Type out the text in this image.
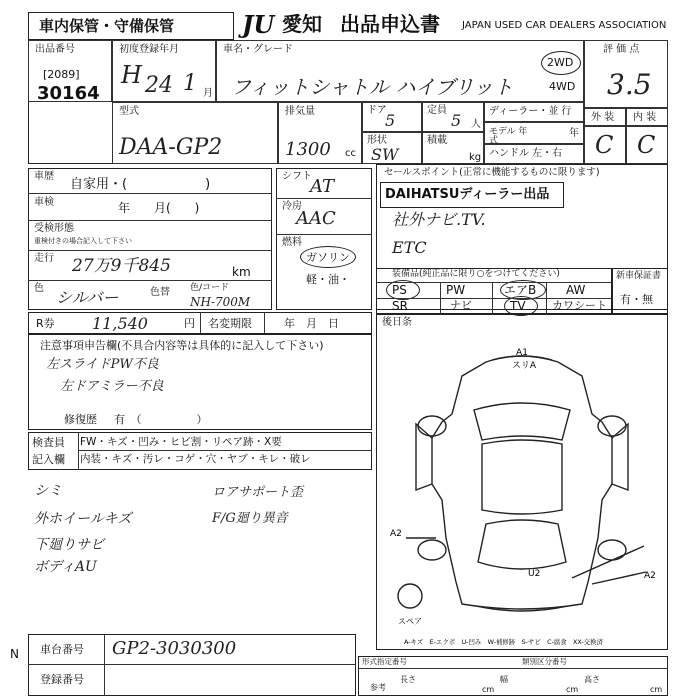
車内保管・守備保管	JU 愛知 出品申込書 JAPAN USED CAR DEALERS ASSOCIATION
出品番号
[2089]
30164
初度登録年月
H 24 1 月
車名・グレード
フィットシャトル ハイブリット
2WD
4WD
評 価 点
3.5
外 装 内 装
C C
型式
DAA-GP2
排気量
1300 cc
ドア
5
定員
5 人
形状
SW
積載
kg
ディーラー・並 行
モデル 年 式
年
ハンドル 左・右
車歴
自家用・(　　　　　　)
車検	年　　月(　　)
受検形態
重検付きの場合記入して下さい
走行 27万9千845	km
色 シルバー	色替 色/コード
NH-700M
シフト
AT
冷房
AAC
燃料
ガソリン
軽・油・
セールスポイント(正常に機能するものに限ります)
DAIHATSUディーラー出品
社外ナビ.TV.
ETC
装備品(純正品に限り○をつけてください)
PS	PW	エアB AW
SR	ナビ	TV カワシート
新車保証書
有・無
R券 11,540	円 名変期限	年　月　日
注意事項申告欄(不具合内容等は具体的に記入して下さい)
左スライドPW不良
左ドアミラー不良
修復歴 有　（　　　　　）
検査員
記入欄
FW・キズ・凹み・ヒビ割・リペア跡・X要
内装・キズ・汚レ・コゲ・穴・ヤブ・キレ・破レ
シミ
外ホイールキズ
下廻りサビ
ボディAU
ロアサポート歪
F/G廻り異音
後日条
A1
スリA
A2
A2
U2
スペア
A-キズ　E-エクボ　U-凹み　W-補修跡　S-サビ　C-腐食　XX-交換済
N 車台番号 GP2-3030300
登録番号
形式指定番号	類別区分番号
参考
長さ
cm
幅
cm
高さ
cm
